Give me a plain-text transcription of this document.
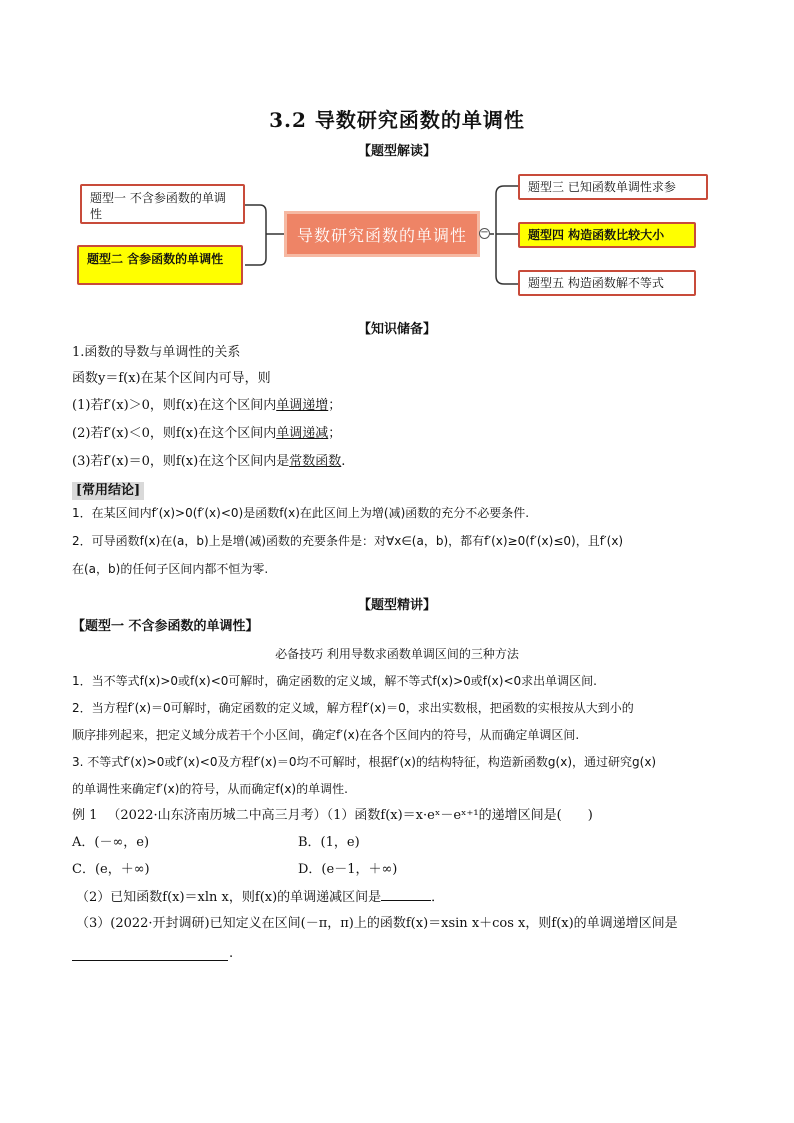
3.2 导数研究函数的单调性
【题型解读】
题型一 不含参函数的单调性
题型二 含参函数的单调性
导数研究函数的单调性	−
题型三 已知函数单调性求参
题型四 构造函数比较大小
题型五 构造函数解不等式
【知识储备】
1.函数的导数与单调性的关系
函数y＝f(x)在某个区间内可导，则
(1)若f′(x)＞0，则f(x)在这个区间内单调递增；
(2)若f′(x)＜0，则f(x)在这个区间内单调递减；
(3)若f′(x)＝0，则f(x)在这个区间内是常数函数.
[常用结论]
1．在某区间内f′(x)>0(f′(x)<0)是函数f(x)在此区间上为增(减)函数的充分不必要条件.
2．可导函数f(x)在(a，b)上是增(减)函数的充要条件是：对∀x∈(a，b)，都有f′(x)≥0(f′(x)≤0)，且f′(x)
在(a，b)的任何子区间内都不恒为零.
【题型精讲】
【题型一 不含参函数的单调性】
必备技巧 利用导数求函数单调区间的三种方法
1．当不等式f(x)>0或f(x)<0可解时，确定函数的定义域，解不等式f(x)>0或f(x)<0求出单调区间.
2．当方程f′(x)＝0可解时，确定函数的定义域，解方程f′(x)＝0，求出实数根，把函数的实根按从大到小的
顺序排列起来，把定义域分成若干个小区间，确定f′(x)在各个区间内的符号，从而确定单调区间.
3. 不等式f′(x)>0或f′(x)<0及方程f′(x)＝0均不可解时，根据f′(x)的结构特征，构造新函数g(x)，通过研究g(x)
的单调性来确定f′(x)的符号，从而确定f(x)的单调性.
例 1 （2022·山东济南历城二中高三月考）（1）函数f(x)＝x·eˣ－eˣ⁺¹的递增区间是(　　)
A．(－∞，e)	B．(1，e)
C．(e，＋∞)	D．(e－1，＋∞)
（2）已知函数f(x)＝xln x，则f(x)的单调递减区间是	．
（3）(2022·开封调研)已知定义在区间(－π，π)上的函数f(x)＝xsin x＋cos x，则f(x)的单调递增区间是
.
